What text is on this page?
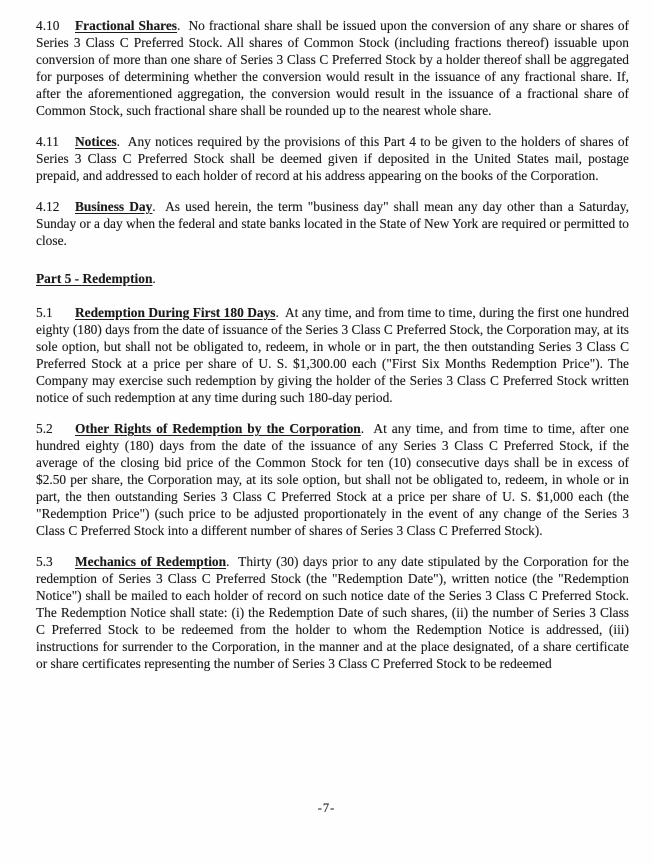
4.10 Fractional Shares. No fractional share shall be issued upon the conversion of any share or shares of Series 3 Class C Preferred Stock. All shares of Common Stock (including fractions thereof) issuable upon conversion of more than one share of Series 3 Class C Preferred Stock by a holder thereof shall be aggregated for purposes of determining whether the conversion would result in the issuance of any fractional share. If, after the aforementioned aggregation, the conversion would result in the issuance of a fractional share of Common Stock, such fractional share shall be rounded up to the nearest whole share.

4.11 Notices. Any notices required by the provisions of this Part 4 to be given to the holders of shares of Series 3 Class C Preferred Stock shall be deemed given if deposited in the United States mail, postage prepaid, and addressed to each holder of record at his address appearing on the books of the Corporation.

4.12 Business Day. As used herein, the term "business day" shall mean any day other than a Saturday, Sunday or a day when the federal and state banks located in the State of New York are required or permitted to close.

Part 5 - Redemption.

5.1 Redemption During First 180 Days. At any time, and from time to time, during the first one hundred eighty (180) days from the date of issuance of the Series 3 Class C Preferred Stock, the Corporation may, at its sole option, but shall not be obligated to, redeem, in whole or in part, the then outstanding Series 3 Class C Preferred Stock at a price per share of U. S. $1,300.00 each ("First Six Months Redemption Price"). The Company may exercise such redemption by giving the holder of the Series 3 Class C Preferred Stock written notice of such redemption at any time during such 180-day period.

5.2 Other Rights of Redemption by the Corporation. At any time, and from time to time, after one hundred eighty (180) days from the date of the issuance of any Series 3 Class C Preferred Stock, if the average of the closing bid price of the Common Stock for ten (10) consecutive days shall be in excess of $2.50 per share, the Corporation may, at its sole option, but shall not be obligated to, redeem, in whole or in part, the then outstanding Series 3 Class C Preferred Stock at a price per share of U. S. $1,000 each (the "Redemption Price") (such price to be adjusted proportionately in the event of any change of the Series 3 Class C Preferred Stock into a different number of shares of Series 3 Class C Preferred Stock).

5.3 Mechanics of Redemption. Thirty (30) days prior to any date stipulated by the Corporation for the redemption of Series 3 Class C Preferred Stock (the "Redemption Date"), written notice (the "Redemption Notice") shall be mailed to each holder of record on such notice date of the Series 3 Class C Preferred Stock. The Redemption Notice shall state: (i) the Redemption Date of such shares, (ii) the number of Series 3 Class C Preferred Stock to be redeemed from the holder to whom the Redemption Notice is addressed, (iii) instructions for surrender to the Corporation, in the manner and at the place designated, of a share certificate or share certificates representing the number of Series 3 Class C Preferred Stock to be redeemed

-7-
